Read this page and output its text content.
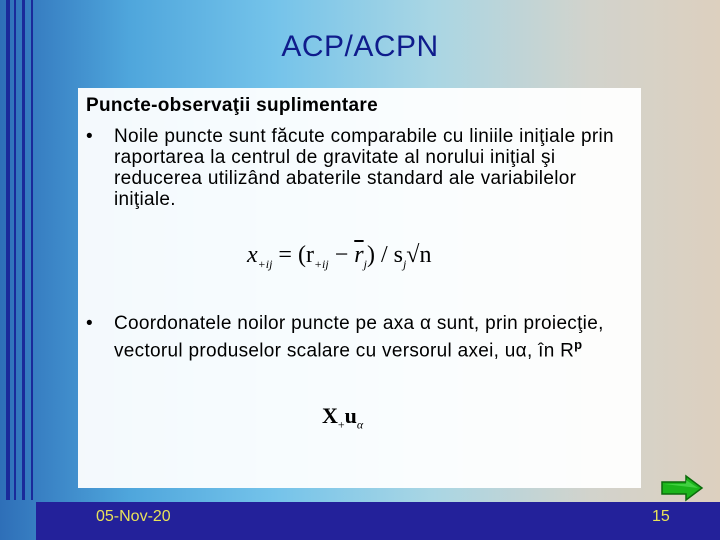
ACP/ACPN
Puncte-observaţii suplimentare
• Noile puncte sunt făcute comparabile cu liniile iniţiale prin raportarea la centrul de gravitate al norului iniţial şi reducerea utilizând abaterile standard ale variabilelor iniţiale.
$x_{+ij} = (r_{+ij} - \overline{r}_j) / s_j√n$
• Coordonatele noilor puncte pe axa α sunt, prin proiecţie, vectorul produselor scalare cu versorul axei, uα, în $R^p$
$X_+u_\alpha$
05-Nov-20	15
